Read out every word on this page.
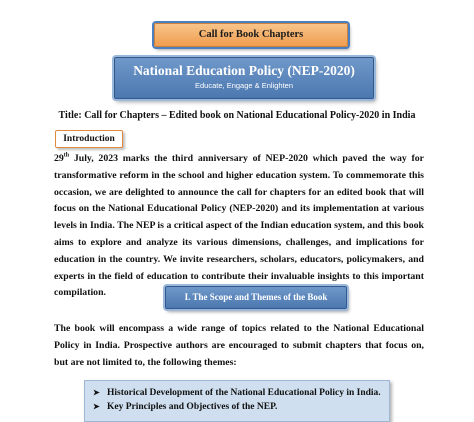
Call for Book Chapters
National Education Policy (NEP-2020)
Educate, Engage & Enlighten
Title: Call for Chapters – Edited book on National Educational Policy-2020 in India
Introduction
29th July, 2023 marks the third anniversary of NEP-2020 which paved the way for transformative reform in the school and higher education system. To commemorate this occasion, we are delighted to announce the call for chapters for an edited book that will focus on the National Educational Policy (NEP-2020) and its implementation at various levels in India. The NEP is a critical aspect of the Indian education system, and this book aims to explore and analyze its various dimensions, challenges, and implications for education in the country. We invite researchers, scholars, educators, policymakers, and experts in the field of education to contribute their invaluable insights to this important compilation.	I. The Scope and Themes of the Book
The book will encompass a wide range of topics related to the National Educational Policy in India. Prospective authors are encouraged to submit chapters that focus on, but are not limited to, the following themes:
➤ Historical Development of the National Educational Policy in India.
➤ Key Principles and Objectives of the NEP.
